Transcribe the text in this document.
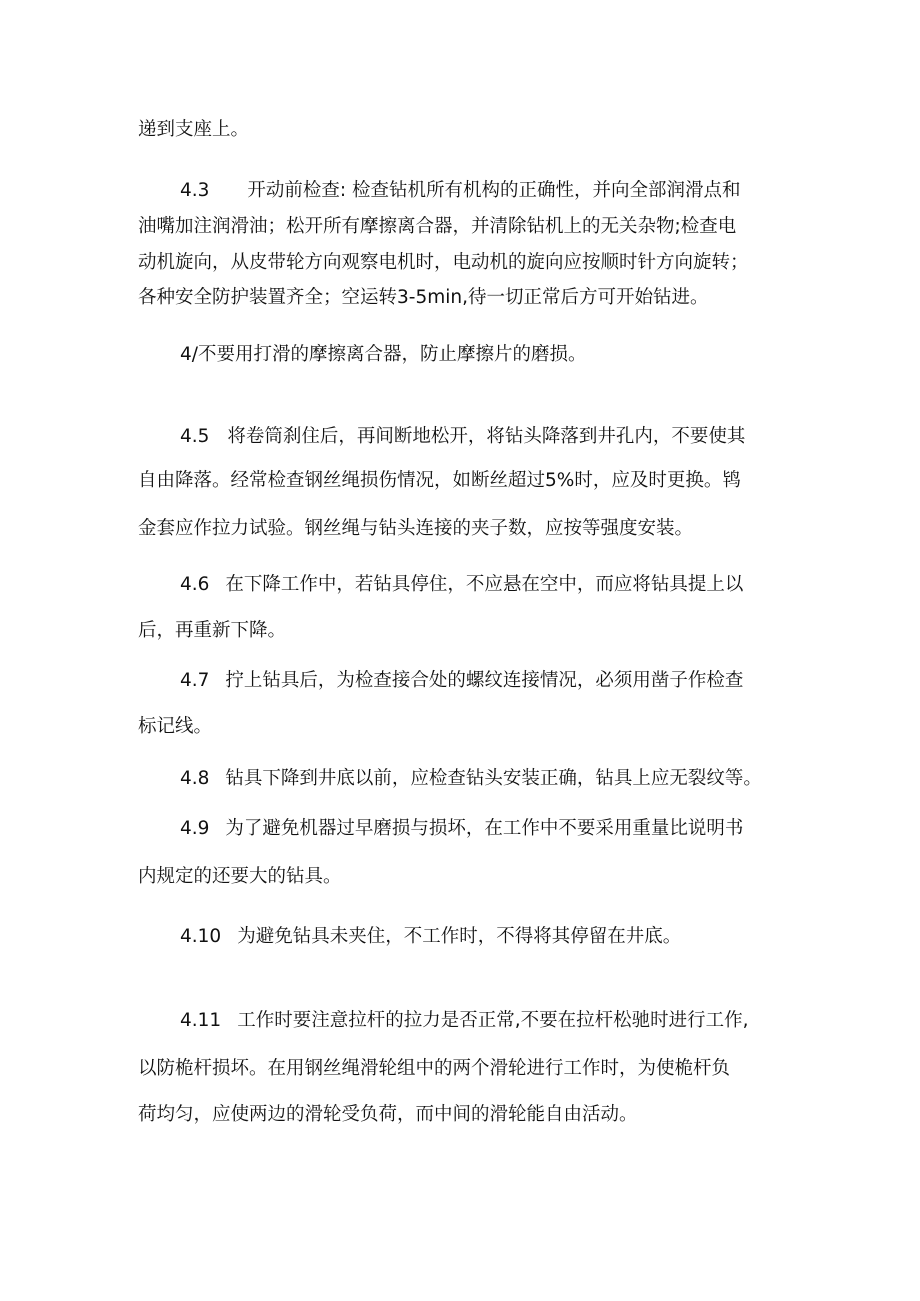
递到支座上。
4.3 开动前检查: 检查钻机所有机构的正确性，并向全部润滑点和
油嘴加注润滑油；松开所有摩擦离合器，并清除钻机上的无关杂物;检查电
动机旋向，从皮带轮方向观察电机时，电动机的旋向应按顺时针方向旋转；
各种安全防护装置齐全；空运转3-5min,待一切正常后方可开始钻进。
4/不要用打滑的摩擦离合器，防止摩擦片的磨损。
4.5 将卷筒刹住后，再间断地松开，将钻头降落到井孔内，不要使其
自由降落。经常检查钢丝绳损伤情况，如断丝超过5%时，应及时更换。鸨
金套应作拉力试验。钢丝绳与钻头连接的夹子数，应按等强度安装。
4.6 在下降工作中，若钻具停住，不应悬在空中，而应将钻具提上以
后，再重新下降。
4.7 拧上钻具后，为检查接合处的螺纹连接情况，必须用凿子作检查
标记线。
4.8 钻具下降到井底以前，应检查钻头安装正确，钻具上应无裂纹等。
4.9 为了避免机器过早磨损与损坏，在工作中不要采用重量比说明书
内规定的还要大的钻具。
4.10 为避免钻具未夹住，不工作时，不得将其停留在井底。
4.11 工作时要注意拉杆的拉力是否正常,不要在拉杆松驰时进行工作,
以防桅杆损坏。在用钢丝绳滑轮组中的两个滑轮进行工作时，为使桅杆负
荷均匀，应使两边的滑轮受负荷，而中间的滑轮能自由活动。
